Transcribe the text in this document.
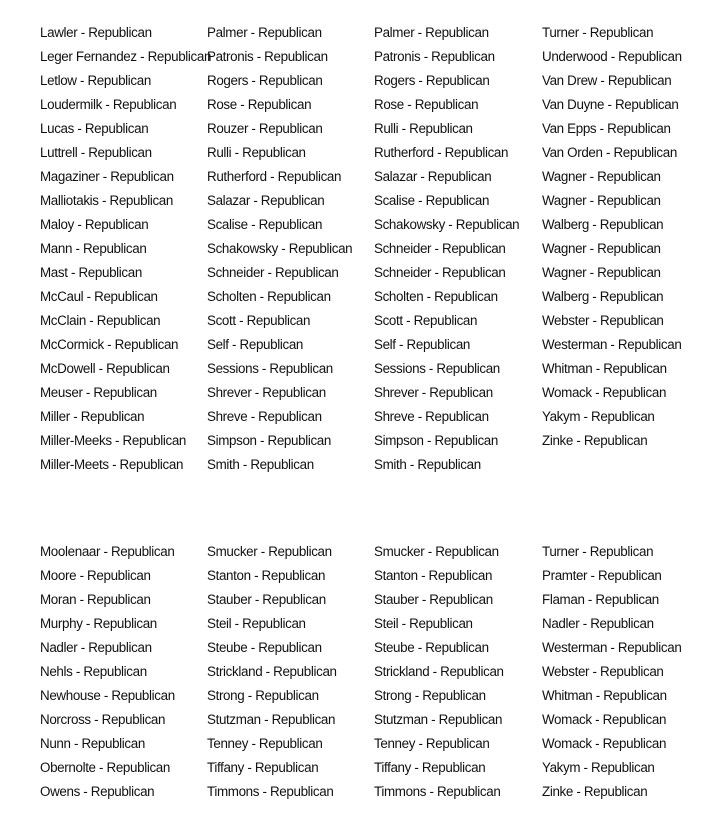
Lawler - Republican
Leger Fernandez - Republican
Letlow - Republican
Loudermilk - Republican
Lucas - Republican
Luttrell - Republican
Magaziner - Republican
Malliotakis - Republican
Maloy - Republican
Mann - Republican
Mast - Republican
McCaul - Republican
McClain - Republican
McCormick - Republican
McDowell - Republican
Meuser - Republican
Miller - Republican
Miller-Meeks - Republican
Miller-Meets - Republican
Palmer - Republican
Patronis - Republican
Rogers - Republican
Rose - Republican
Rouzer - Republican
Rulli - Republican
Rutherford - Republican
Salazar - Republican
Scalise - Republican
Schakowsky - Republican
Schneider - Republican
Scholten - Republican
Scott - Republican
Self - Republican
Sessions - Republican
Shrever - Republican
Shreve - Republican
Simpson - Republican
Smith - Republican
Palmer - Republican
Patronis - Republican
Rogers - Republican
Rose - Republican
Rulli - Republican
Rutherford - Republican
Salazar - Republican
Scalise - Republican
Schakowsky - Republican
Schneider - Republican
Schneider - Republican
Scholten - Republican
Scott - Republican
Self - Republican
Sessions - Republican
Shrever - Republican
Shreve - Republican
Simpson - Republican
Smith - Republican
Turner - Republican
Underwood - Republican
Van Drew - Republican
Van Duyne - Republican
Van Epps - Republican
Van Orden - Republican
Wagner - Republican
Wagner - Republican
Walberg - Republican
Wagner - Republican
Wagner - Republican
Walberg - Republican
Webster - Republican
Westerman - Republican
Whitman - Republican
Womack - Republican
Yakym - Republican
Zinke - Republican
Moolenaar - Republican
Moore - Republican
Moran - Republican
Murphy - Republican
Nadler - Republican
Nehls - Republican
Newhouse - Republican
Norcross - Republican
Nunn - Republican
Obernolte - Republican
Owens - Republican
Smucker - Republican
Stanton - Republican
Stauber - Republican
Steil - Republican
Steube - Republican
Strickland - Republican
Strong - Republican
Stutzman - Republican
Tenney - Republican
Tiffany - Republican
Timmons - Republican
Smucker - Republican
Stanton - Republican
Stauber - Republican
Steil - Republican
Steube - Republican
Strickland - Republican
Strong - Republican
Stutzman - Republican
Tenney - Republican
Tiffany - Republican
Timmons - Republican
Turner - Republican
Pramter - Republican
Flaman - Republican
Nadler - Republican
Westerman - Republican
Webster - Republican
Whitman - Republican
Womack - Republican
Womack - Republican
Yakym - Republican
Zinke - Republican
